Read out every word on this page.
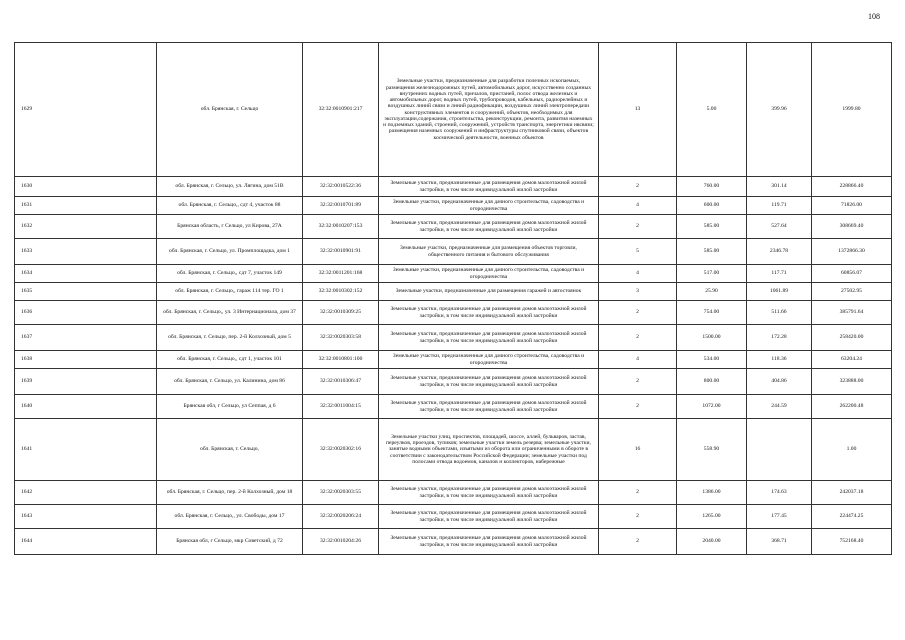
108
1629	обл. Брянская, г. Сельцо	32:32:0010901:217	Земельные участки, предназначенные для разработки полезных ископаемых, размещения железнодорожных путей, автомобильных дорог, искусственно созданных внутренних водных путей, причалов, пристаней, полос отвода железных и автомобильных дорог, водных путей, трубопроводов, кабельных, радиорелейных и воздушных линий связи и линий радиофикации, воздушных линий электропередачи конструктивных элементов и сооружений, объектов, необходимых для эксплуатации,содержания, строительства, реконструкции, ремонта, развития наземных и подземных зданий, строений, сооружений, устройств транспорта, энергетики ивсвязи; размещения наземных сооружений и инфраструктуры спутниковой связи, объектов космической деятельности, военных объектов	13	5.00	399.96	1999.80
1630	обл. Брянская, г. Сельцо, ул. Лягина, дом 51В	32:32:0010522:36	Земельные участки, предназначенные для размещения домов малоэтажной жилой застройки, в том числе индивидуальной жилой застройки	2	760.00	301.14	228866.40
1631	обл. Брянская, г. Сельцо,, сдт 4, участок 88	32:32:0010701:89	Земельные участки, предназначенные для дачного строительства, садоводства и огородничества	4	600.00	119.71	71826.00
1632	Брянская область, г Сельцо, ул Кирова, 27А	32:32:0010207:153	Земельные участки, предназначенные для размещения домов малоэтажной жилой застройки, в том числе индивидуальной жилой застройки	2	585.00	527.64	308669.40
1633	обл. Брянская, г. Сельцо, ул. Промплощадка, дом 1	32:32:0010901:91	Земельные участки, предназначенные для размещения объектов торговли, общественного питания и бытового обслуживания	5	585.00	2346.78	1372866.30
1634	обл. Брянская, г. Сельцо,, сдт 7, участок 149	32:32:0011201:168	Земельные участки, предназначенные для дачного строительства, садоводства и огородничества	4	517.00	117.71	60856.07
1635	обл. Брянская, г. Сельцо,, гараж 114 тер. ГО 1	32:32:0010302:152	Земельные участки, предназначенные для размещения гаражей и автостоянок	3	25.90	1061.89	27502.95
1636	обл. Брянская, г. Сельцо,, ул. 3 Интернационала, дом 37	32:32:0010309:25	Земельные участки, предназначенные для размещения домов малоэтажной жилой застройки, в том числе индивидуальной жилой застройки	2	754.00	511.66	385791.64
1637	обл. Брянская, г. Сельцо, пер. 2-й Колхозный, дом 5	32:32:0020303:58	Земельные участки, предназначенные для размещения домов малоэтажной жилой застройки, в том числе индивидуальной жилой застройки	2	1500.00	172.28	258420.00
1638	обл. Брянская, г. Сельцо,, сдт 1, участок 101	32:32:0010801:100	Земельные участки, предназначенные для дачного строительства, садоводства и огородничества	4	534.00	118.36	63204.24
1639	обл. Брянская, г. Сельцо, ул. Калинина, дом 86	32:32:0010306:47	Земельные участки, предназначенные для размещения домов малоэтажной жилой застройки, в том числе индивидуальной жилой застройки	2	800.00	404.86	323888.00
1640	Брянская обл, г Сельцо, ул Сеппая, д 6	32:32:0011004:15	Земельные участки, предназначенные для размещения домов малоэтажной жилой застройки, в том числе индивидуальной жилой застройки	2	1072.00	244.59	262200.48
1641	обл. Брянская, г. Сельцо,	32:32:0020302:16	Земельные участки улиц, проспектов, площадей, шоссе, аллей, бульваров, застав, переулков, проездов, тупиков; земельные участки земель резерва; земельные участки, занятые водными объектами, изъятыми из оборота или ограниченными в обороте в соответствии с законодательством Российской Федерации; земельные участки под полосами отвода водоемов, каналов и коллекторов, набережные	16	558.90		1.00
1642	обл. Брянская, г. Сельцо, пер. 2-й Колхозный, дом 18	32:32:0020303:55	Земельные участки, предназначенные для размещения домов малоэтажной жилой застройки, в том числе индивидуальной жилой застройки	2	1386.00	174.63	242037.18
1643	обл. Брянская, г. Сельцо,, ул. Свободы, дом 17	32:32:0020206:24	Земельные участки, предназначенные для размещения домов малоэтажной жилой застройки, в том числе индивидуальной жилой застройки	2	1265.00	177.45	224474.25
1644	Брянская обл, г Сельцо, мкр Советский, д 72	32:32:0010204:26	Земельные участки, предназначенные для размещения домов малоэтажной жилой застройки, в том числе индивидуальной жилой застройки	2	2040.00	368.71	752168.40
